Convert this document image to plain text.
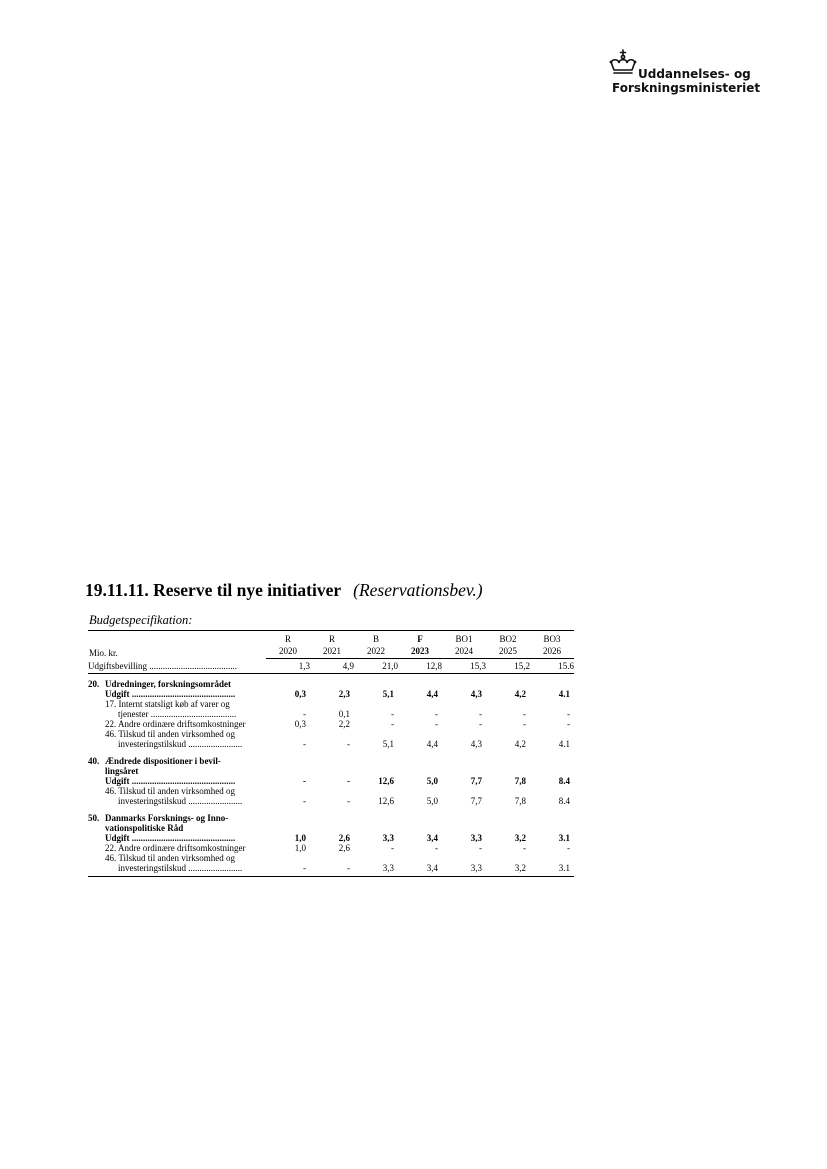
Uddannelses- og
Forskningsministeriet
19.11.11. Reserve til nye initiativer (Reservationsbev.)
Budgetspecifikation:
Mio. kr.	R	R	B	F	BO1	BO2	BO3
	2020	2021	2022	2023	2024	2025	2026
Udgiftsbevilling .......................................	1,3	4,9	21,0	12,8	15,3	15,2	15.6
20. Udredninger, forskningsområdet							
Udgift ..............................................	0,3	2,3	5,1	4,4	4,3	4,2	4.1
17. Internt statsligt køb af varer og							
tjenester ......................................	-	0,1	-	-	-	-	-
22. Andre ordinære driftsomkostninger	0,3	2,2	-	-	-	-	-
46. Tilskud til anden virksomhed og							
investeringstilskud ........................	-	-	5,1	4,4	4,3	4,2	4.1

40. Ændrede dispositioner i bevil-							
lingsåret							
Udgift ..............................................	-	-	12,6	5,0	7,7	7,8	8.4
46. Tilskud til anden virksomhed og							
investeringstilskud ........................	-	-	12,6	5,0	7,7	7,8	8.4

50. Danmarks Forsknings- og Inno-							
vationspolitiske Råd							
Udgift ..............................................	1,0	2,6	3,3	3,4	3,3	3,2	3.1
22. Andre ordinære driftsomkostninger	1,0	2,6	-	-	-	-	-
46. Tilskud til anden virksomhed og							
investeringstilskud ........................	-	-	3,3	3,4	3,3	3,2	3.1
